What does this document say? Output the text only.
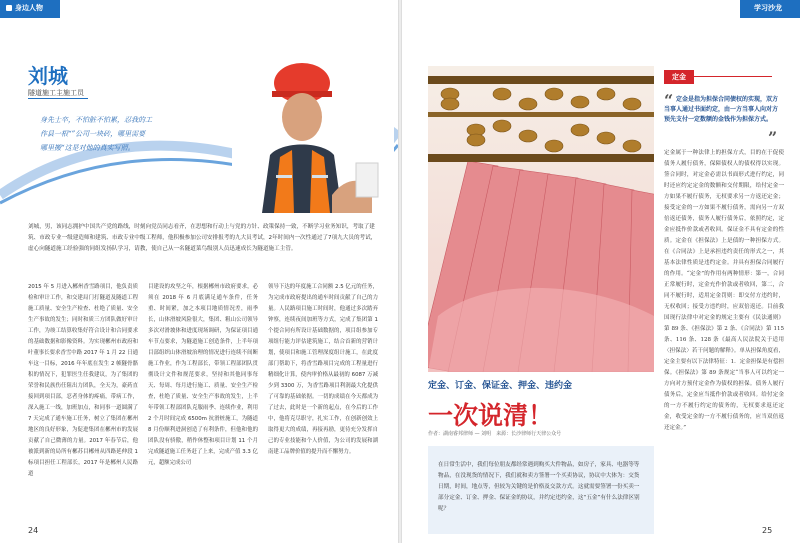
身边人物
刘城
隧道施工主施工员
身先士卒，不怕脏不怕累，忍我的工
作县一根“”公司一块砖，哪里需要
哪里搬“这是对他的真实写照。
刘城，男，该同志拥护中国共产党的路线，时刻向党员同志看齐，在思想和行动上与党的方针、政策保持一致，不断学习业务知识，考取了建筑、市政专业一级建造师和建筑、市政专业中级工程师，他积极参加公司安排报考的九大员考试，2年时间内一次性通过了7项九大员的考试，虚心向隧道施工经验强的同组发扬队学习，请教，使自己从一名隧道菜鸟级别人员迅速成长为隧道施工主管。
2015 年 5 月进入郴州香雪路项目，他负责质检和审计工作，和交建局门打隧道及隧道工程施工质量、安全生产检查、杜绝了质量、安全生产事故的发生；同时和质三方团队做好审计工作，为竣工结算收集好符合设计和合同要求的基础数据和影像资料。为实现郴州市政府和叶董事长要求香雪中路 2017 年 1 月 22 日通车这一目标，2016 年年底在发生 2 帧隧骨骼积的情况下，犯罪医生任我建议，为了集团的荣誉和民族伤任阻出力团队，全天为，豪药直接回到项目部，忍者身体的疼痛，带病工作，深入施工一线，加班加点，和同事一道圆满了 7 天完成了通车施工任务，树立了集团在郴州地区的良好形象，为促进集团在郴州市的发展贡献了自己微薄的力量。2017 年春节后，他被派到新的局所有郴苏目郴州从四路延伸段 1 标项目担任工程部长，2017 年是郴州人民路道
目建设的攻坚之年，根据郴州市政府要求，必须在 2018 年 6 月底满足通车条件，任务重、时间紧，加之本项目地质情况差，雨季长，山体滑坡风险很大，集团、粗山公司领导多次对滑坡体和进度现场调研，为保证项目通车节点要求，为隧道施工创造条件，上半年项目部组织山体滑坡治理的情况进行连续不间断施工作业，作为工程部长，带领工程部团队贯彻设计文件和规范要求，坚持和其他同事每天、每周、每月进行施工、质量、安全生产检查，杜绝了质量、安全生产事故的发生，上半年带领工程部团队克服雨季、连续作业，利用 2 个月时间完成 6500m 抗滑桩施工，为隧道 8 月份顺利进洞创造了有利条件，但他和他的团队没有骄傲，稍作休整和项目计划 11 个月完成隧道施工任务赶了上来，完成产值 3.3 亿元，超额完成公司
领导下达的年度施工合同额 2.5 亿元的任务，为完成市政府提出的通车时间贡献了自己的力量。人民路项目施工时间时，他通过多次踏弃钟察，连续夜间加班等方式，完成了集团第 1 个提合同有所设计基础数据的，项目组参加专项组行能力评估建筑施工，结合首新的营销计划，使项目和施工管理深度组计施工，在此度部门帮助下，将香雪路项目完成的工程量进行精细化计算，使内审价格从最初的 6087 万减少到 3300 万，为香雪路项目利润最大化提供了可靠的基础依据。一切的成绩在今天都成为了过去，此时是一个新的起点，在今后的工作中，他将克尽职守，扎实工作，在创新创效上取得更大的成绩，再接再励，更待充分发挥自己的专业技能和个人价值，为公司的发展和湖南建工品牌价值的提升而不懈努力。
24
学习沙龙
定金
“ 定金是指为担保合同债权的实现，双方当事人通过书面约定，由一方当事人向对方预先支付一定数额的金钱作为担保方式。
”
定金属于一种法律上的担保方式，目的在于促使债务人履行债务，保障债权人的债权得以实现。签合同时，对定金必需以书面形式进行约定，同时还应约定定金的数额和交付期限，给付定金一方如果不履行债务，无权要求另一方返还定金；接受定金的一方如果不履行债务，需向另一方双倍返还债务，债务人履行债务后，依照约定，定金应抵作价款或者收回。保证金不具有定金的性质。定金在《担保法》上是债的一种担保方式。在《合同法》上是承担违约责任的形式之一，其基本法律性质是违约定金。并具有担保合同履行的作用。“定金”的作用有两种情形：第一，合同正常履行时，定金充作价款或者收回，第二，合同不履行时，适用定金罚则：即交付方违约时，无权收回；接受方违约时，应双倍返还。目前我国现行法律中对定金的规定主要有《民法通则》第 89 条、《担保法》第 2 条、《合同法》第 115 条、116 条、128 条《最高人民法院关于适用〈担保法〉若干问题的解释》。单从担保角度看，定金主要有以下法律特征：1．定金担保是有偿担保。《担保法》第 89 条规定“当事人可以约定一方向对方预付定金作为债权的担保。债务人履行债务后，定金应当抵作价款或者收回。给付定金的一方不履行约定的债务的，无权要求返还定金，收受定金的一方不履行债务的，应当双倍返还定金。”
定金、订金、保证金、押金、违约金
一次说清！
作者：湖南睿邦律师 — 刘明　来源：长沙律师行天律公众号
在日常生活中，我们每位朋友都经常遇到购买大件物品，如房子，家具、电器等等物品，在没现货的情况下，我们就和卖方签署一个买卖协议，协议中大体为：交货日期，时间，地点等，但较为关键的是价格及交款方式。这就需要签署一份买卖一部分定金、订金、押金、保证金的协议，并约定违约金，这“五金”有什么法律区别呢？
25
